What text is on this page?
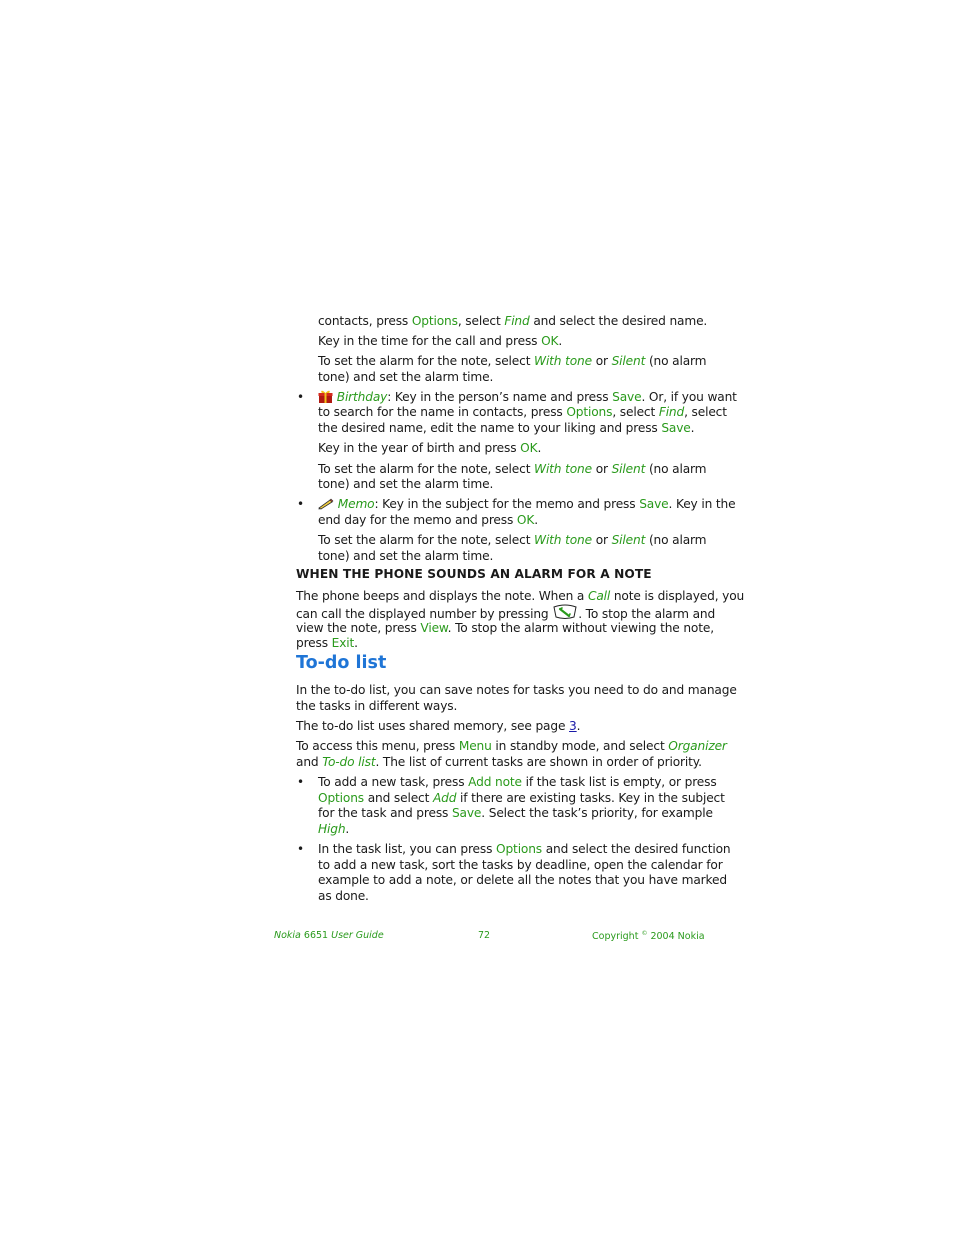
contacts, press Options, select Find and select the desired name.
Key in the time for the call and press OK.
To set the alarm for the note, select With tone or Silent (no alarm
tone) and set the alarm time.
•	Birthday: Key in the person’s name and press Save. Or, if you want
to search for the name in contacts, press Options, select Find, select
the desired name, edit the name to your liking and press Save.
Key in the year of birth and press OK.
To set the alarm for the note, select With tone or Silent (no alarm
tone) and set the alarm time.
•	Memo: Key in the subject for the memo and press Save. Key in the
end day for the memo and press OK.
To set the alarm for the note, select With tone or Silent (no alarm
tone) and set the alarm time.
WHEN THE PHONE SOUNDS AN ALARM FOR A NOTE
The phone beeps and displays the note. When a Call note is displayed, you
can call the displayed number by pressing . To stop the alarm and
view the note, press View. To stop the alarm without viewing the note,
press Exit.
To-do list
In the to-do list, you can save notes for tasks you need to do and manage
the tasks in different ways.
The to-do list uses shared memory, see page 3.
To access this menu, press Menu in standby mode, and select Organizer
and To-do list. The list of current tasks are shown in order of priority.
• To add a new task, press Add note if the task list is empty, or press
Options and select Add if there are existing tasks. Key in the subject
for the task and press Save. Select the task’s priority, for example
High.
• In the task list, you can press Options and select the desired function
to add a new task, sort the tasks by deadline, open the calendar for
example to add a note, or delete all the notes that you have marked
as done.
Nokia 6651 User Guide	72	Copyright © 2004 Nokia
